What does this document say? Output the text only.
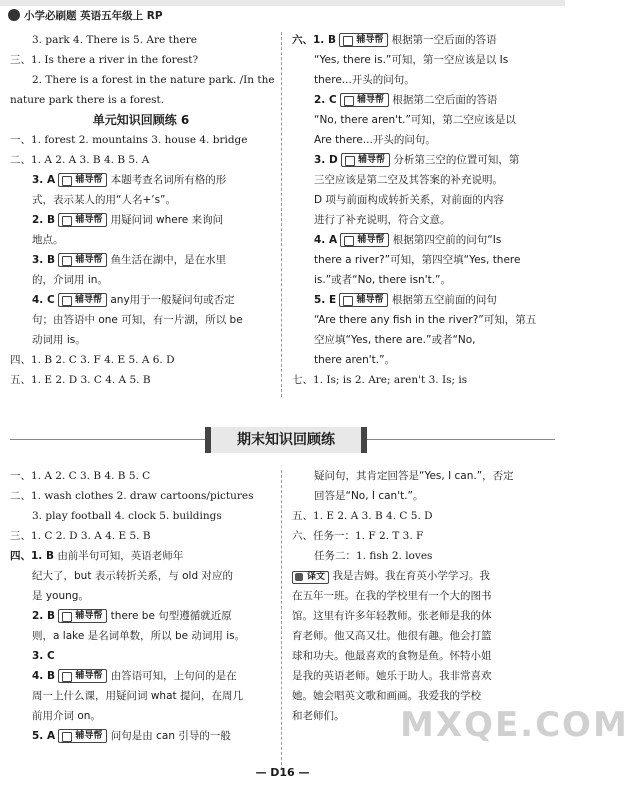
小学必刷题 英语五年级上 RP
3. park 4. There is 5. Are there
三、1. Is there a river in the forest?
2. There is a forest in the nature park. /In the
nature park there is a forest.
单元知识回顾练 6
一、1. forest 2. mountains 3. house 4. bridge
二、1. A 2. A 3. B 4. B 5. A
3. A 辅导帮 本题考查名词所有格的形
式，表示某人的用“人名+’s”。
2. B 辅导帮 用疑问词 where 来询问
地点。
3. B 辅导帮 鱼生活在湖中，是在水里
的，介词用 in。
4. C 辅导帮 any用于一般疑问句或否定
句；由答语中 one 可知，有一片湖，所以 be
动词用 is。
四、1. B 2. C 3. F 4. E 5. A 6. D
五、1. E 2. D 3. C 4. A 5. B
六、1. B 辅导帮 根据第一空后面的答语
“Yes, there is.”可知，第一空应该是以 Is
there...开头的问句。
2. C 辅导帮 根据第二空后面的答语
“No, there aren't.”可知，第二空应该是以
Are there...开头的问句。
3. D 辅导帮 分析第三空的位置可知，第
三空应该是第二空及其答案的补充说明。
D 项与前面构成转折关系，对前面的内容
进行了补充说明，符合文意。
4. A 辅导帮 根据第四空前的问句“Is
there a river?”可知，第四空填“Yes, there
is.”或者“No, there isn't.”。
5. E 辅导帮 根据第五空前面的问句
“Are there any fish in the river?”可知，第五
空应填“Yes, there are.”或者“No,
there aren't.”。
七、1. Is; is 2. Are; aren't 3. Is; is
期末知识回顾练
一、1. A 2. C 3. B 4. B 5. C
二、1. wash clothes 2. draw cartoons/pictures
3. play football 4. clock 5. buildings
三、1. C 2. D 3. A 4. E 5. B
四、1. B 由前半句可知，英语老师年
纪大了，but 表示转折关系，与 old 对应的
是 young。
2. B 辅导帮 there be 句型遵循就近原
则，a lake 是名词单数，所以 be 动词用 is。
3. C
4. B 辅导帮 由答语可知，上句问的是在
周一上什么课，用疑问词 what 提问，在周几
前用介词 on。
5. A 辅导帮 问句是由 can 引导的一般
疑问句，其肯定回答是“Yes, I can.”，否定
回答是“No, I can't.”。
五、1. E 2. A 3. B 4. C 5. D
六、任务一：1. F 2. T 3. F
任务二：1. fish 2. loves
译文 我是吉姆。我在育英小学学习。我
在五年一班。在我的学校里有一个大的图书
馆。这里有许多年轻教师。张老师是我的体
育老师。他又高又壮。他很有趣。他会打篮
球和功夫。他最喜欢的食物是鱼。怀特小姐
是我的英语老师。她乐于助人。我非常喜欢
她。她会唱英文歌和画画。我爱我的学校
和老师们。	MXQE.COM
— D16 —
